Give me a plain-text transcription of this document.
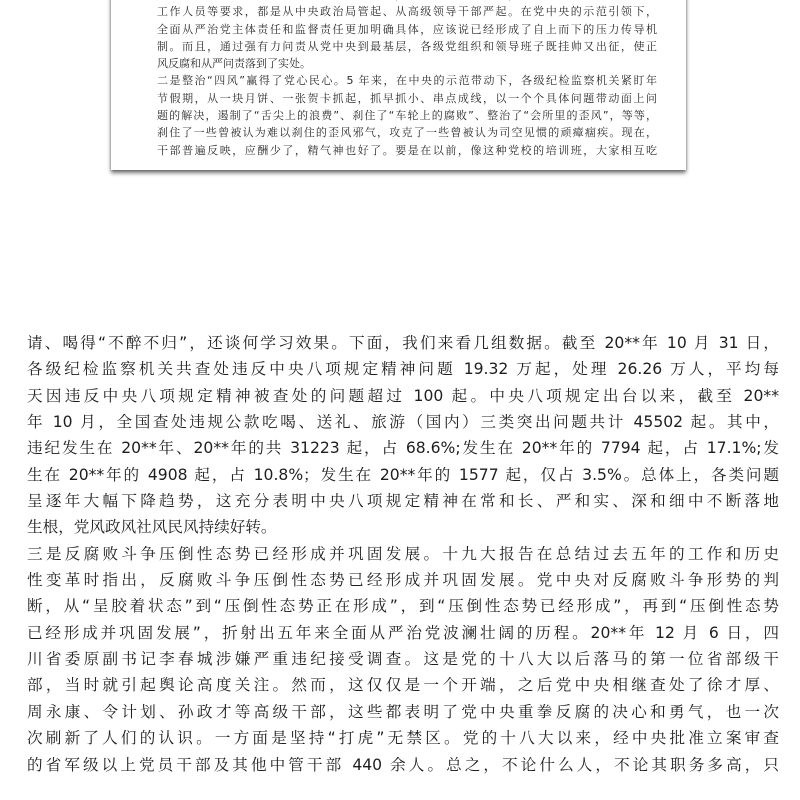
工作人员等要求，都是从中央政治局管起、从高级领导干部严起。在党中央的示范引领下，
全面从严治党主体责任和监督责任更加明确具体，应该说已经形成了自上而下的压力传导机
制。而且，通过强有力问责从党中央到最基层，各级党组织和领导班子既挂帅又出征，使正
风反腐和从严问责落到了实处。
二是整治“四风”赢得了党心民心。5 年来，在中央的示范带动下，各级纪检监察机关紧盯年
节假期，从一块月饼、一张贺卡抓起，抓早抓小、串点成线，以一个个具体问题带动面上问
题的解决，遏制了“舌尖上的浪费”、刹住了“车轮上的腐败”、整治了“会所里的歪风”，等等，
刹住了一些曾被认为难以刹住的歪风邪气，攻克了一些曾被认为司空见惯的顽瘴痼疾。现在，
干部普遍反映，应酬少了，精气神也好了。要是在以前，像这种党校的培训班，大家相互吃
请、喝得“不醉不归”，还谈何学习效果。下面，我们来看几组数据。截至 20**年 10 月 31 日，
各级纪检监察机关共查处违反中央八项规定精神问题 19.32 万起，处理 26.26 万人，平均每
天因违反中央八项规定精神被查处的问题超过 100 起。中央八项规定出台以来，截至 20**
年 10 月，全国查处违规公款吃喝、送礼、旅游（国内）三类突出问题共计 45502 起。其中，
违纪发生在 20**年、20**年的共 31223 起，占 68.6%;发生在 20**年的 7794 起，占 17.1%;发
生在 20**年的 4908 起，占 10.8%；发生在 20**年的 1577 起，仅占 3.5%。总体上，各类问题
呈逐年大幅下降趋势，这充分表明中央八项规定精神在常和长、严和实、深和细中不断落地
生根，党风政风社风民风持续好转。
三是反腐败斗争压倒性态势已经形成并巩固发展。十九大报告在总结过去五年的工作和历史
性变革时指出，反腐败斗争压倒性态势已经形成并巩固发展。党中央对反腐败斗争形势的判
断，从“呈胶着状态”到“压倒性态势正在形成”，到“压倒性态势已经形成”，再到“压倒性态势
已经形成并巩固发展”，折射出五年来全面从严治党波澜壮阔的历程。20**年 12 月 6 日，四
川省委原副书记李春城涉嫌严重违纪接受调查。这是党的十八大以后落马的第一位省部级干
部，当时就引起舆论高度关注。然而，这仅仅是一个开端，之后党中央相继查处了徐才厚、
周永康、令计划、孙政才等高级干部，这些都表明了党中央重拳反腐的决心和勇气，也一次
次刷新了人们的认识。一方面是坚持“打虎”无禁区。党的十八大以来，经中央批准立案审查
的省军级以上党员干部及其他中管干部 440 余人。总之，不论什么人，不论其职务多高，只
